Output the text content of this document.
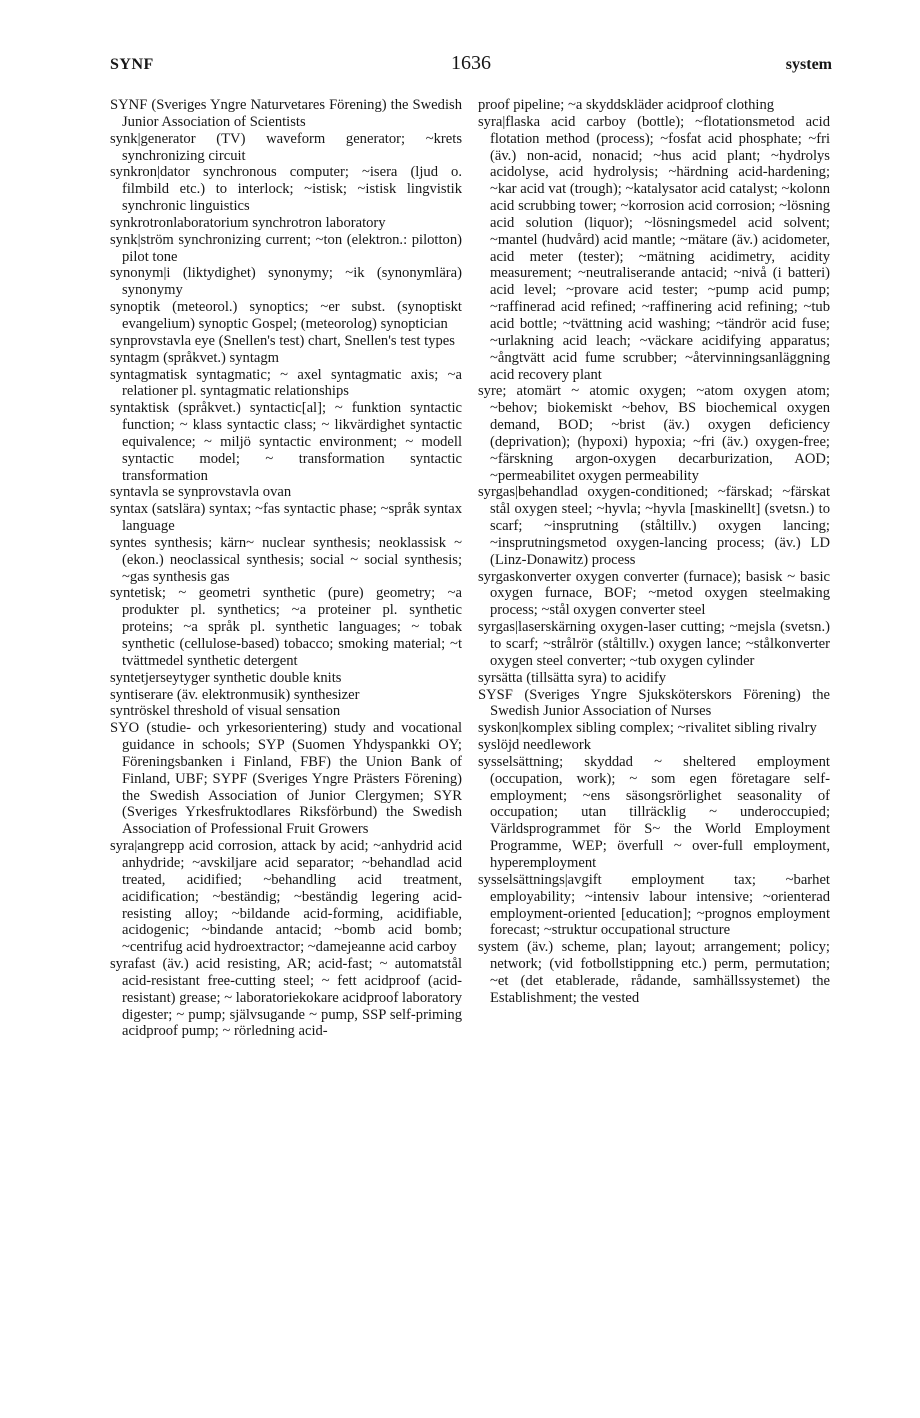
SYNF	1636	system

SYNF (Sveriges Yngre Naturvetares Förening) the Swedish Junior Association of Scientists

synk|generator (TV) waveform generator; ~krets synchronizing circuit

synkron|dator synchronous computer; ~isera (ljud o. filmbild etc.) to interlock; ~istisk; ~istisk lingvistik synchronic linguistics

synkrotronlaboratorium synchrotron laboratory

synk|ström synchronizing current; ~ton (elektron.: pilotton) pilot tone

synonym|i (liktydighet) synonymy; ~ik (synonymlära) synonymy

synoptik (meteorol.) synoptics; ~er subst. (synoptiskt evangelium) synoptic Gospel; (meteorolog) synoptician

synprovstavla eye (Snellen's test) chart, Snellen's test types

syntagm (språkvet.) syntagm

syntagmatisk syntagmatic; ~ axel syntagmatic axis; ~a relationer pl. syntagmatic relationships

syntaktisk (språkvet.) syntactic[al]; ~ funktion syntactic function; ~ klass syntactic class; ~ likvärdighet syntactic equivalence; ~ miljö syntactic environment; ~ modell syntactic model; ~ transformation syntactic transformation

syntavla se synprovstavla ovan

syntax (satslära) syntax; ~fas syntactic phase; ~språk syntax language

syntes synthesis; kärn~ nuclear synthesis; neoklassisk ~ (ekon.) neoclassical synthesis; social ~ social synthesis; ~gas synthesis gas

syntetisk; ~ geometri synthetic (pure) geometry; ~a produkter pl. synthetics; ~a proteiner pl. synthetic proteins; ~a språk pl. synthetic languages; ~ tobak synthetic (cellulose-based) tobacco; smoking material; ~t tvättmedel synthetic detergent

syntetjerseytyger synthetic double knits

syntiserare (äv. elektronmusik) synthesizer

syntröskel threshold of visual sensation

SYO (studie- och yrkesorientering) study and vocational guidance in schools; SYP (Suomen Yhdyspankki OY; Föreningsbanken i Finland, FBF) the Union Bank of Finland, UBF; SYPF (Sveriges Yngre Prästers Förening) the Swedish Association of Junior Clergymen; SYR (Sveriges Yrkesfruktodlares Riksförbund) the Swedish Association of Professional Fruit Growers

syra|angrepp acid corrosion, attack by acid; ~anhydrid acid anhydride; ~avskiljare acid separator; ~behandlad acid treated, acidified; ~behandling acid treatment, acidification; ~beständig; ~beständig legering acid-resisting alloy; ~bildande acid-forming, acidifiable, acidogenic; ~bindande antacid; ~bomb acid bomb; ~centrifug acid hydroextractor; ~damejeanne acid carboy

syrafast (äv.) acid resisting, AR; acid-fast; ~ automatstål acid-resistant free-cutting steel; ~ fett acidproof (acid-resistant) grease; ~ laboratoriekokare acidproof laboratory digester; ~ pump; självsugande ~ pump, SSP self-priming acidproof pump; ~ rörledning acid-

proof pipeline; ~a skyddskläder acidproof clothing

syra|flaska acid carboy (bottle); ~flotationsmetod acid flotation method (process); ~fosfat acid phosphate; ~fri (äv.) non-acid, nonacid; ~hus acid plant; ~hydrolys acidolyse, acid hydrolysis; ~härdning acid-hardening; ~kar acid vat (trough); ~katalysator acid catalyst; ~kolonn acid scrubbing tower; ~korrosion acid corrosion; ~lösning acid solution (liquor); ~lösningsmedel acid solvent; ~mantel (hudvård) acid mantle; ~mätare (äv.) acidometer, acid meter (tester); ~mätning acidimetry, acidity measurement; ~neutraliserande antacid; ~nivå (i batteri) acid level; ~provare acid tester; ~pump acid pump; ~raffinerad acid refined; ~raffinering acid refining; ~tub acid bottle; ~tvättning acid washing; ~tändrör acid fuse; ~urlakning acid leach; ~väckare acidifying apparatus; ~ångtvätt acid fume scrubber; ~återvinningsanläggning acid recovery plant

syre; atomärt ~ atomic oxygen; ~atom oxygen atom; ~behov; biokemiskt ~behov, BS biochemical oxygen demand, BOD; ~brist (äv.) oxygen deficiency (deprivation); (hypoxi) hypoxia; ~fri (äv.) oxygen-free; ~färskning argon-oxygen decarburization, AOD; ~permeabilitet oxygen permeability

syrgas|behandlad oxygen-conditioned; ~färskad; ~färskat stål oxygen steel; ~hyvla; ~hyvla [maskinellt] (svetsn.) to scarf; ~insprutning (ståltillv.) oxygen lancing; ~insprutningsmetod oxygen-lancing process; (äv.) LD (Linz-Donawitz) process

syrgaskonverter oxygen converter (furnace); basisk ~ basic oxygen furnace, BOF; ~metod oxygen steelmaking process; ~stål oxygen converter steel

syrgas|laserskärning oxygen-laser cutting; ~mejsla (svetsn.) to scarf; ~strålrör (ståltillv.) oxygen lance; ~stålkonverter oxygen steel converter; ~tub oxygen cylinder

syrsätta (tillsätta syra) to acidify

SYSF (Sveriges Yngre Sjuksköterskors Förening) the Swedish Junior Association of Nurses

syskon|komplex sibling complex; ~rivalitet sibling rivalry

syslöjd needlework

sysselsättning; skyddad ~ sheltered employment (occupation, work); ~ som egen företagare self-employment; ~ens säsongsrörlighet seasonality of occupation; utan tillräcklig ~ underoccupied; Världsprogrammet för S~ the World Employment Programme, WEP; överfull ~ over-full employment, hyperemployment

sysselsättnings|avgift employment tax; ~barhet employability; ~intensiv labour intensive; ~orienterad employment-oriented [education]; ~prognos employment forecast; ~struktur occupational structure

system (äv.) scheme, plan; layout; arrangement; policy; network; (vid fotbollstippning etc.) perm, permutation; ~et (det etablerade, rådande, samhällssystemet) the Establishment; the vested
